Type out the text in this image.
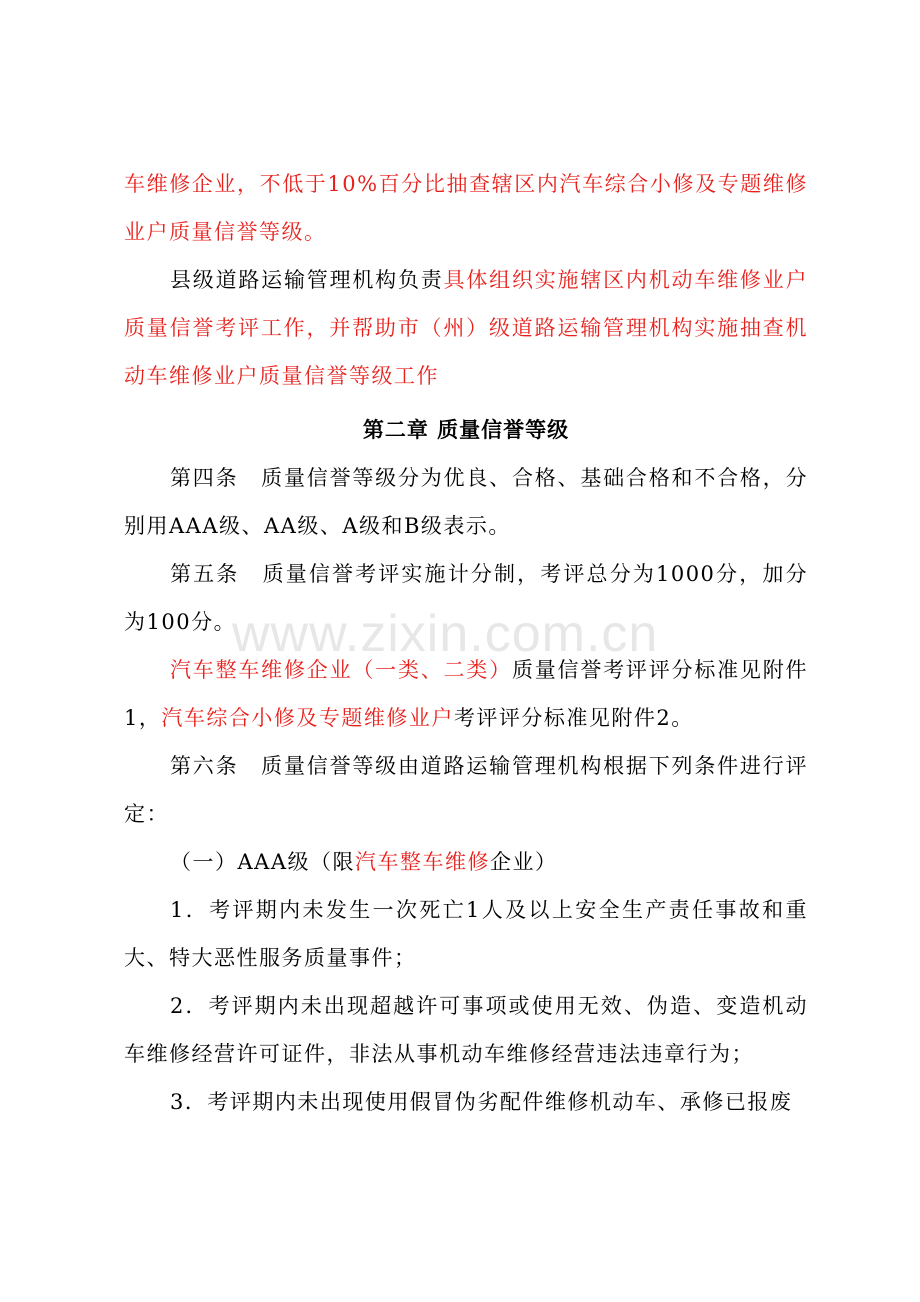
车维修企业，不低于10%百分比抽查辖区内汽车综合小修及专题维修业户质量信誉等级。

县级道路运输管理机构负责具体组织实施辖区内机动车维修业户质量信誉考评工作，并帮助市（州）级道路运输管理机构实施抽查机动车维修业户质量信誉等级工作

第二章 质量信誉等级

第四条　质量信誉等级分为优良、合格、基础合格和不合格，分别用AAA级、AA级、A级和B级表示。

第五条　质量信誉考评实施计分制，考评总分为1000分，加分为100分。

汽车整车维修企业（一类、二类）质量信誉考评评分标准见附件1，汽车综合小修及专题维修业户考评评分标准见附件2。

第六条　质量信誉等级由道路运输管理机构根据下列条件进行评定：

（一）AAA级（限汽车整车维修企业）

1．考评期内未发生一次死亡1人及以上安全生产责任事故和重大、特大恶性服务质量事件；

2．考评期内未出现超越许可事项或使用无效、伪造、变造机动车维修经营许可证件，非法从事机动车维修经营违法违章行为；

3．考评期内未出现使用假冒伪劣配件维修机动车、承修已报废

www.zixin.com.cn
